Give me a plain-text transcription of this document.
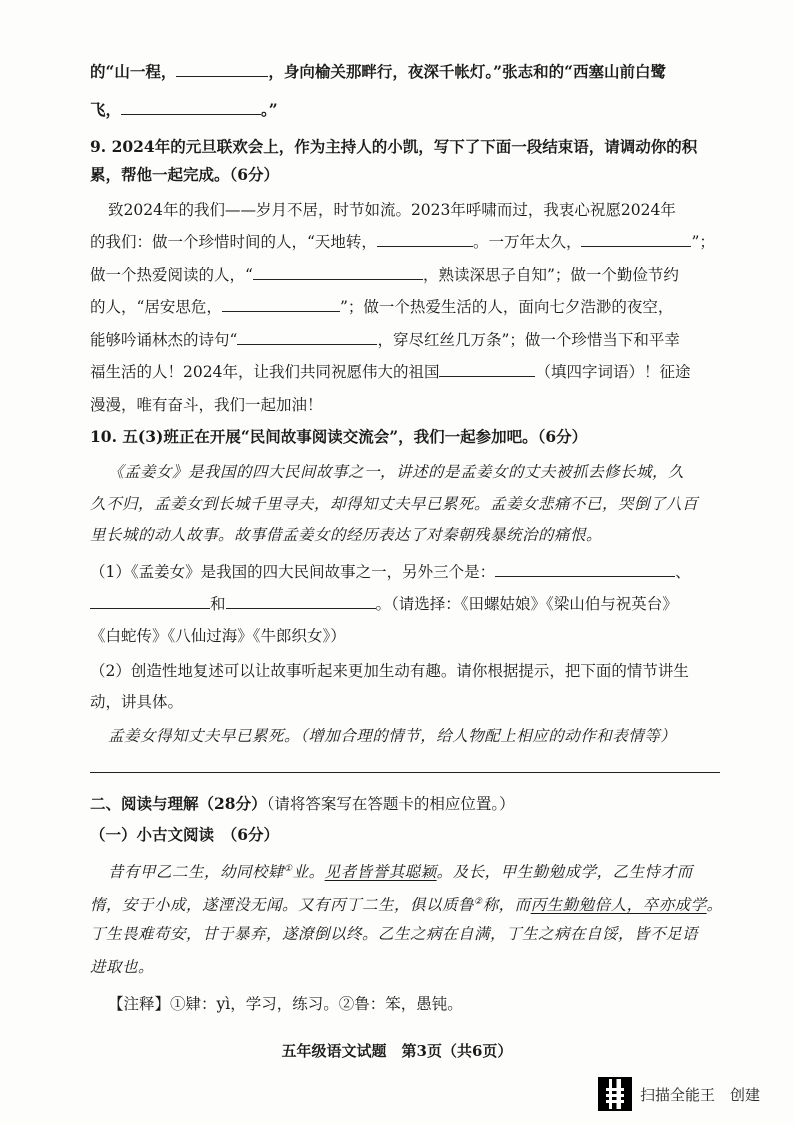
的“山一程，	，身向榆关那畔行，夜深千帐灯。”张志和的“西塞山前白鹭
飞，	。”
9. 2024年的元旦联欢会上，作为主持人的小凯，写下了下面一段结束语，请调动你的积
累，帮他一起完成。（6分）
致2024年的我们——岁月不居，时节如流。2023年呼啸而过，我衷心祝愿2024年
的我们：做一个珍惜时间的人，“天地转，	。一万年太久，	”；
做一个热爱阅读的人，“	，熟读深思子自知”；做一个勤俭节约
的人，“居安思危，	”；做一个热爱生活的人，面向七夕浩渺的夜空，
能够吟诵林杰的诗句“	，穿尽红丝几万条”；做一个珍惜当下和平幸
福生活的人！2024年，让我们共同祝愿伟大的祖国	（填四字词语）！征途
漫漫，唯有奋斗，我们一起加油！
10. 五(3)班正在开展“民间故事阅读交流会”，我们一起参加吧。（6分）
《孟姜女》是我国的四大民间故事之一，讲述的是孟姜女的丈夫被抓去修长城，久
久不归，孟姜女到长城千里寻夫，却得知丈夫早已累死。孟姜女悲痛不已，哭倒了八百
里长城的动人故事。故事借孟姜女的经历表达了对秦朝残暴统治的痛恨。
（1）《孟姜女》是我国的四大民间故事之一，另外三个是：	、
和	。（请选择：《田螺姑娘》《梁山伯与祝英台》
《白蛇传》《八仙过海》《牛郎织女》）
（2）创造性地复述可以让故事听起来更加生动有趣。请你根据提示，把下面的情节讲生
动，讲具体。
孟姜女得知丈夫早已累死。（增加合理的情节，给人物配上相应的动作和表情等）
二、阅读与理解（28分）（请将答案写在答题卡的相应位置。）
（一）小古文阅读　（6分）
昔有甲乙二生，幼同校肄①业。见者皆誉其聪颖。及长，甲生勤勉成学，乙生恃才而
惰，安于小成，遂湮没无闻。又有丙丁二生，俱以质鲁②称，而丙生勤勉倍人，卒亦成学。
丁生畏难苟安，甘于暴弃，遂潦倒以终。乙生之病在自满，丁生之病在自馁，皆不足语
进取也。
【注释】①肄：yì，学习，练习。②鲁：笨，愚钝。
五年级语文试题　第3页（共6页）
扫描全能王　创建
